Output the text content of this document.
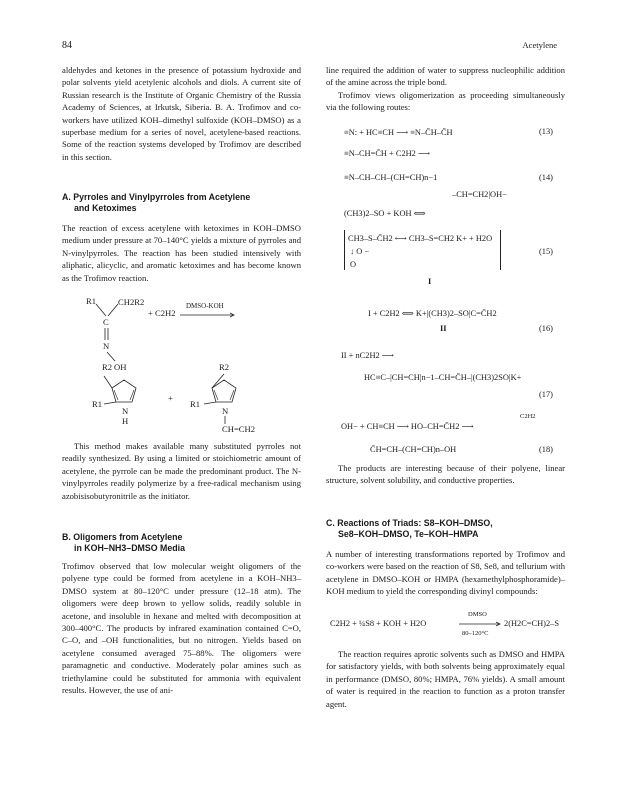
84	Acetylene

aldehydes and ketones in the presence of potassium hydroxide and polar solvents yield acetylenic alcohols and diols. A current site of Russian research is the Institute of Organic Chemistry of the Russia Academy of Sciences, at Irkutsk, Siberia. B. A. Trofimov and co-workers have utilized KOH–dimethyl sulfoxide (KOH–DMSO) as a superbase medium for a series of novel, acetylene-based reactions. Some of the reaction systems developed by Trofimov are described in this section.

A. Pyrroles and Vinylpyrroles from Acetylene
and Ketoximes

The reaction of excess acetylene with ketoximes in KOH–DMSO medium under pressure at 70–140°C yields a mixture of pyrroles and N-vinylpyrroles. The reaction has been studied intensively with aliphatic, alicyclic, and aromatic ketoximes and has become known as the Trofimov reaction.

R1	CH2R2
C
N
OH
+ C2H2
DMSO-KOH
R2
R1
N
H
+
R2
R1
N
CH=CH2

This method makes available many substituted pyrroles not readily synthesized. By using a limited or stoichiometric amount of acetylene, the pyrrole can be made the predominant product. The N-vinylpyrroles readily polymerize by a free-radical mechanism using azobisisobutyronitrile as the initiator.

B. Oligomers from Acetylene
in KOH–NH3–DMSO Media

Trofimov observed that low molecular weight oligomers of the polyene type could be formed from acetylene in a KOH–NH3–DMSO system at 80–120°C under pressure (12–18 atm). The oligomers were deep brown to yellow solids, readily soluble in acetone, and insoluble in hexane and melted with decomposition at 300–400°C. The products by infrared examination contained C=O, C–O, and –OH functionalities, but no nitrogen. Yields based on acetylene consumed averaged 75–88%. The oligomers were paramagnetic and conductive. Moderately polar amines such as triethylamine could be substituted for ammonia with equivalent results. However, the use of ani-

line required the addition of water to suppress nucleophilic addition of the amine across the triple bond.

Trofimov views oligomerization as proceeding simultaneously via the following routes:

≡N: + HC≡CH ⟶ ≡N–C̄H–C̄H	(13)
≡N–CH=C̄H + C2H2 ⟶
≡N–CH–CH–(CH=CH)n−1	(14)
–CH=CH2|OH−
(CH3)2–SO + KOH ⟺
CH3–S–C̄H2 ⟷ CH3–S=CH2 K+ + H2O
↓ O −
O
(15)
I
I + C2H2 ⟺ K+|(CH3)2–SO|C=C̄H2
II	(16)
II + nC2H2 ⟶
HC≡C–|CH=CH|n−1–CH=C̄H–|(CH3)2SO|K+
(17)
C2H2
OH− + CH≡CH ⟶ HO–CH=C̄H2 ⟶
C̄H=CH–(CH=CH)n–OH	(18)

The products are interesting because of their polyene, linear structure, solvent solubility, and conductive properties.

C. Reactions of Triads: S8–KOH–DMSO,
Se8–KOH–DMSO, Te–KOH–HMPA

A number of interesting transformations reported by Trofimov and co-workers were based on the reaction of S8, Se8, and tellurium with acetylene in DMSO–KOH or HMPA (hexamethylphosphoramide)–KOH medium to yield the corresponding divinyl compounds:

DMSO
C2H2 + ¼S8 + KOH + H2O	2(H2C=CH)2–S
80–120°C

The reaction requires aprotic solvents such as DMSO and HMPA for satisfactory yields, with both solvents being approximately equal in performance (DMSO, 80%; HMPA, 76% yields). A small amount of water is required in the reaction to function as a proton transfer agent.
